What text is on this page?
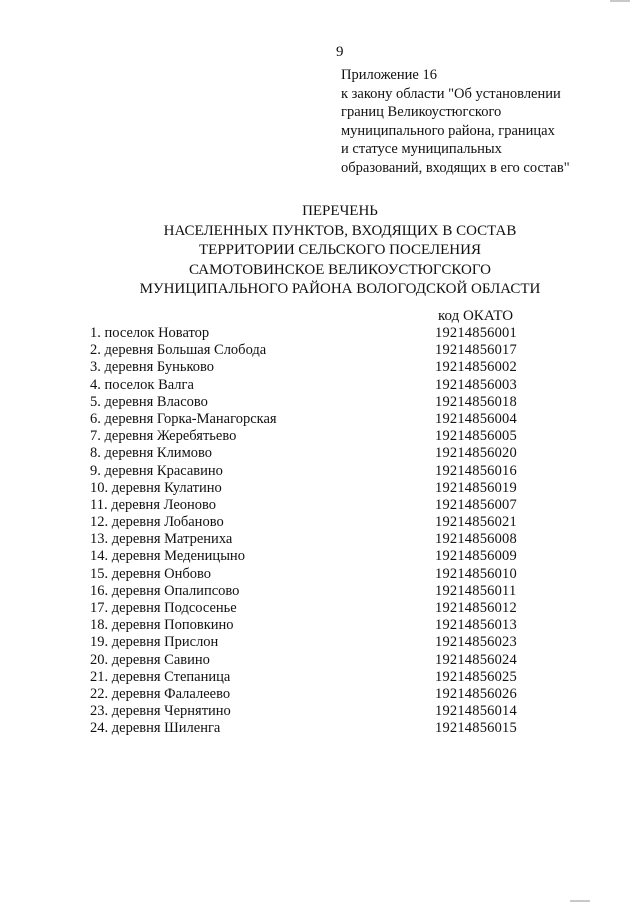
9
Приложение 16
к закону области "Об установлении
границ Великоустюгского
муниципального района, границах
и статусе муниципальных
образований, входящих в его состав"
ПЕРЕЧЕНЬ
НАСЕЛЕННЫХ ПУНКТОВ, ВХОДЯЩИХ В СОСТАВ
ТЕРРИТОРИИ СЕЛЬСКОГО ПОСЕЛЕНИЯ
САМОТОВИНСКОЕ ВЕЛИКОУСТЮГСКОГО
МУНИЦИПАЛЬНОГО РАЙОНА ВОЛОГОДСКОЙ ОБЛАСТИ
код ОКАТО
1. поселок Новатор	19214856001
2. деревня Большая Слобода	19214856017
3. деревня Буньково	19214856002
4. поселок Валга	19214856003
5. деревня Власово	19214856018
6. деревня Горка-Манагорская	19214856004
7. деревня Жеребятьево	19214856005
8. деревня Климово	19214856020
9. деревня Красавино	19214856016
10. деревня Кулатино	19214856019
11. деревня Леоново	19214856007
12. деревня Лобаново	19214856021
13. деревня Матрениха	19214856008
14. деревня Меденицыно	19214856009
15. деревня Онбово	19214856010
16. деревня Опалипсово	19214856011
17. деревня Подсосенье	19214856012
18. деревня Поповкино	19214856013
19. деревня Прислон	19214856023
20. деревня Савино	19214856024
21. деревня Степаница	19214856025
22. деревня Фалалеево	19214856026
23. деревня Чернятино	19214856014
24. деревня Шиленга	19214856015
